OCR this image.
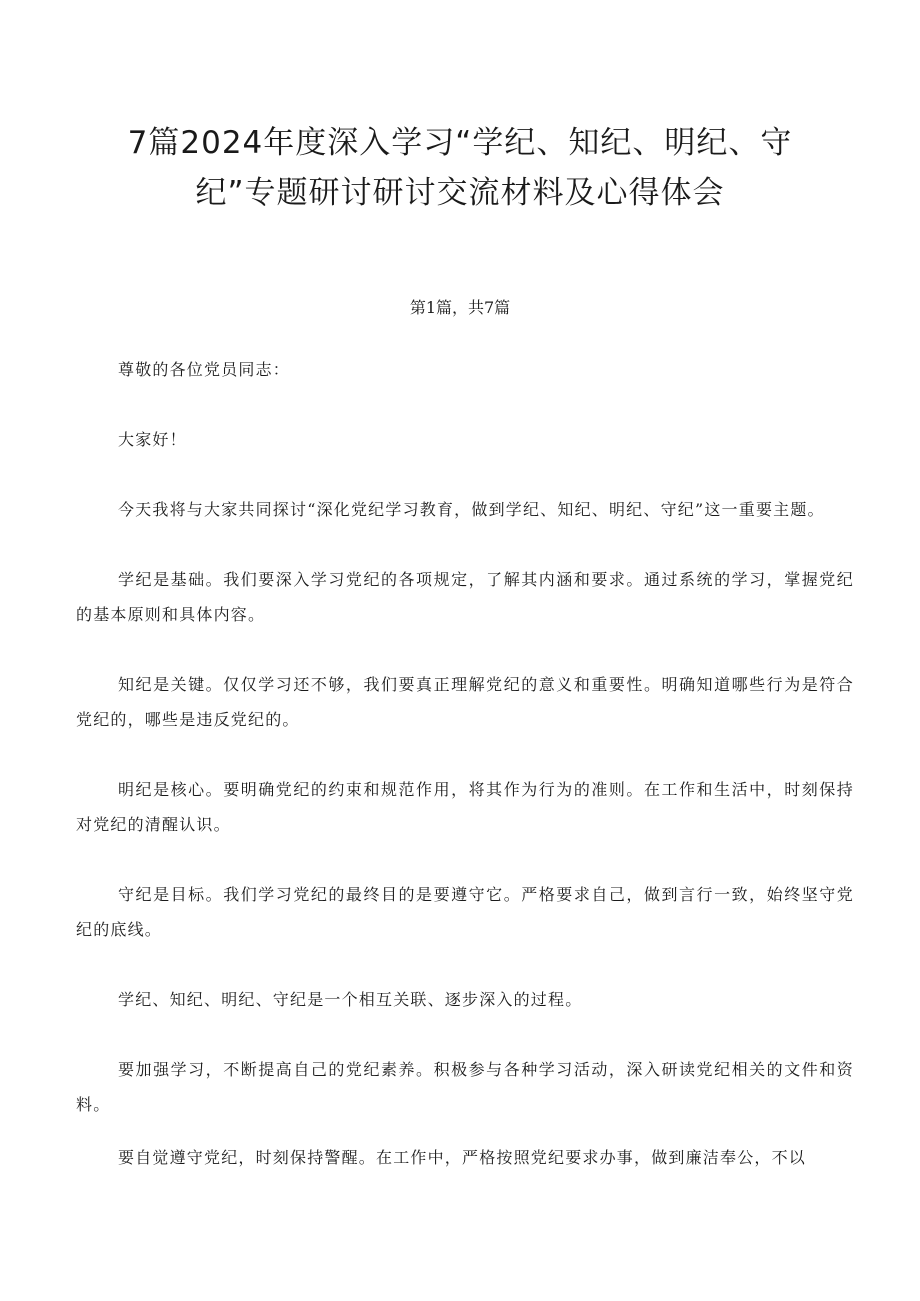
7篇2024年度深入学习“学纪、知纪、明纪、守
纪”专题研讨研讨交流材料及心得体会

第1篇，共7篇

尊敬的各位党员同志：

大家好！

今天我将与大家共同探讨“深化党纪学习教育，做到学纪、知纪、明纪、守纪”这一重要主题。

学纪是基础。我们要深入学习党纪的各项规定，了解其内涵和要求。通过系统的学习，掌握党纪的基本原则和具体内容。

知纪是关键。仅仅学习还不够，我们要真正理解党纪的意义和重要性。明确知道哪些行为是符合党纪的，哪些是违反党纪的。

明纪是核心。要明确党纪的约束和规范作用，将其作为行为的准则。在工作和生活中，时刻保持对党纪的清醒认识。

守纪是目标。我们学习党纪的最终目的是要遵守它。严格要求自己，做到言行一致，始终坚守党纪的底线。

学纪、知纪、明纪、守纪是一个相互关联、逐步深入的过程。

要加强学习，不断提高自己的党纪素养。积极参与各种学习活动，深入研读党纪相关的文件和资料。

要自觉遵守党纪，时刻保持警醒。在工作中，严格按照党纪要求办事，做到廉洁奉公，不以
